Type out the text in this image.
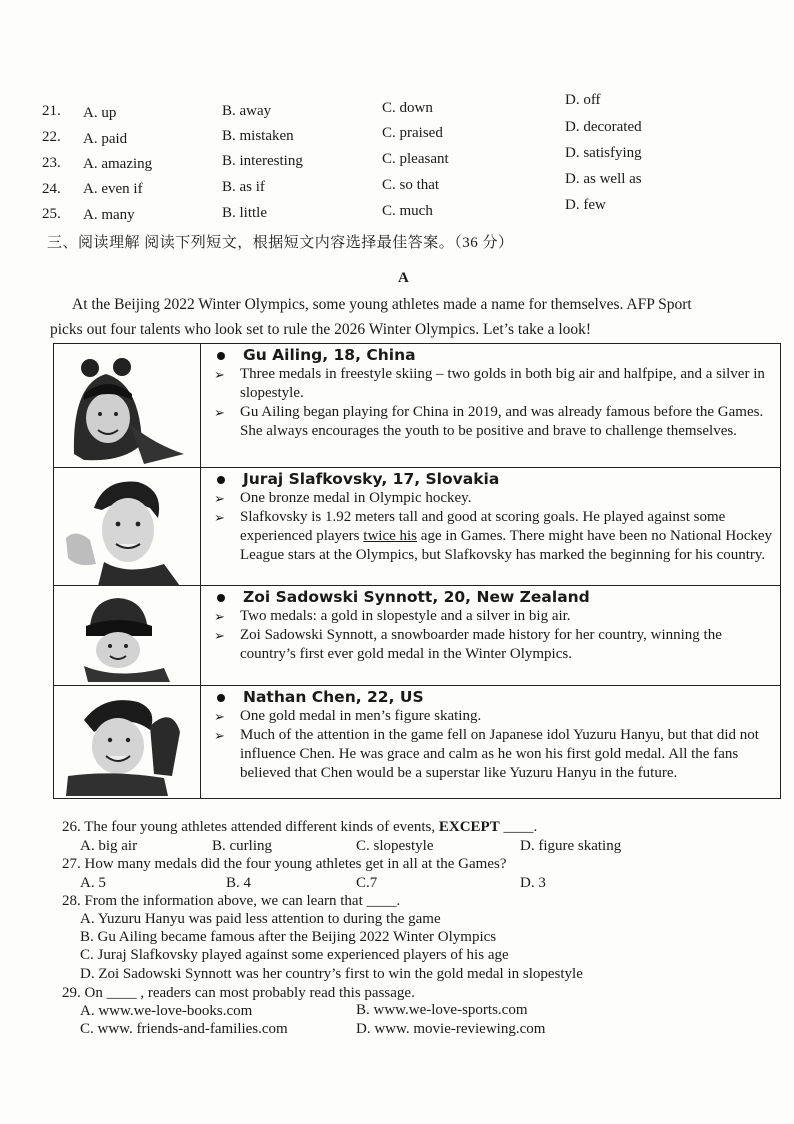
21. A. up	B. away	C. down	D. off
22. A. paid	B. mistaken	C. praised	D. decorated
23. A. amazing	B. interesting	C. pleasant	D. satisfying
24. A. even if	B. as if	C. so that	D. as well as
25. A. many	B. little	C. much	D. few
三、阅读理解 阅读下列短文，根据短文内容选择最佳答案。（36 分）
A
At the Beijing 2022 Winter Olympics, some young athletes made a name for themselves. AFP Sport
picks out four talents who look set to rule the 2026 Winter Olympics. Let’s take a look!

Gu Ailing, 18, China
➢ Three medals in freestyle skiing – two golds in both big air and halfpipe, and a silver in slopestyle.
➢ Gu Ailing began playing for China in 2019, and was already famous before the Games. She always encourages the youth to be positive and brave to challenge themselves.

Juraj Slafkovsky, 17, Slovakia
➢ One bronze medal in Olympic hockey.
➢ Slafkovsky is 1.92 meters tall and good at scoring goals. He played against some experienced players twice his age in Games. There might have been no National Hockey League stars at the Olympics, but Slafkovsky has marked the beginning for his country.

Zoi Sadowski Synnott, 20, New Zealand
➢ Two medals: a gold in slopestyle and a silver in big air.
➢ Zoi Sadowski Synnott, a snowboarder made history for her country, winning the country’s first ever gold medal in the Winter Olympics.

Nathan Chen, 22, US
➢ One gold medal in men’s figure skating.
➢ Much of the attention in the game fell on Japanese idol Yuzuru Hanyu, but that did not influence Chen. He was grace and calm as he won his first gold medal. All the fans believed that Chen would be a superstar like Yuzuru Hanyu in the future.
26. The four young athletes attended different kinds of events, EXCEPT ____.
A. big air	B. curling	C. slopestyle	D. figure skating
27. How many medals did the four young athletes get in all at the Games?
A. 5	B. 4	C.7	D. 3
28. From the information above, we can learn that ____.
A. Yuzuru Hanyu was paid less attention to during the game
B. Gu Ailing became famous after the Beijing 2022 Winter Olympics
C. Juraj Slafkovsky played against some experienced players of his age
D. Zoi Sadowski Synnott was her country’s first to win the gold medal in slopestyle
29. On ____ , readers can most probably read this passage.
A. www.we-love-books.com	B. www.we-love-sports.com
C. www. friends-and-families.com	D. www. movie-reviewing.com
